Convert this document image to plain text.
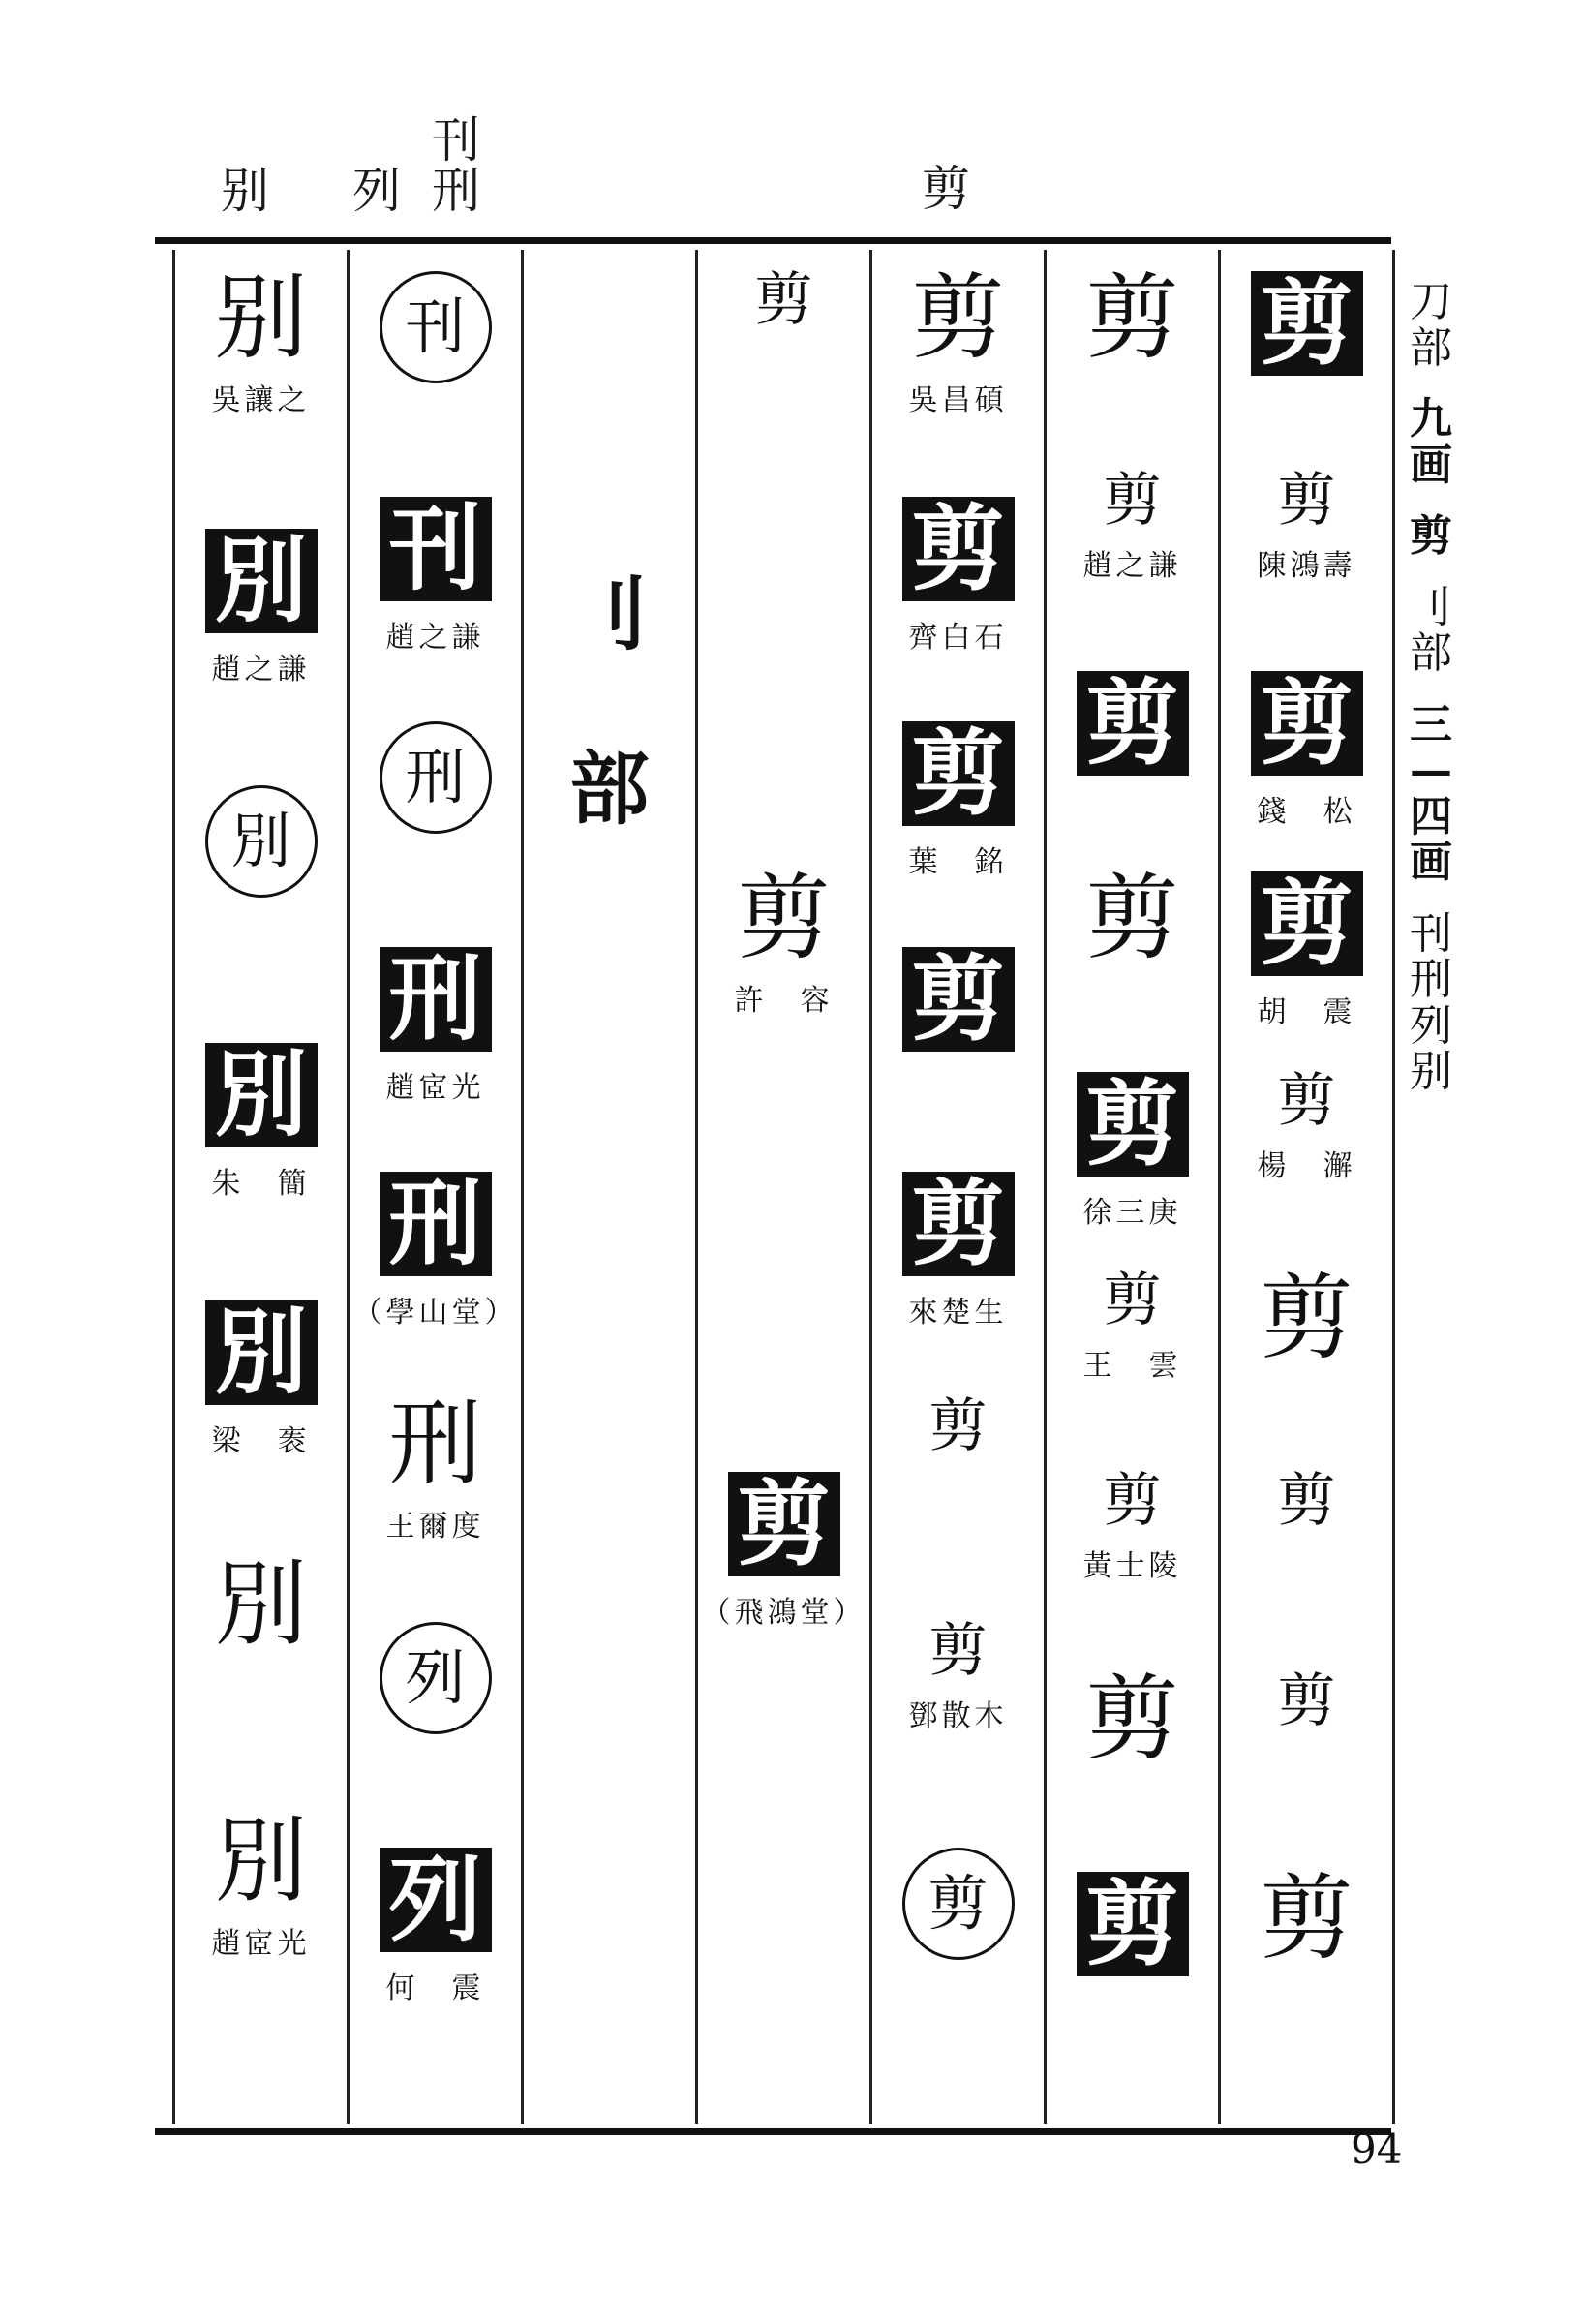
别 列 刑
刊
剪
别
吳讓之
別
趙之謙
別
別
朱　簡
別
梁　袠
別
別
趙宧光
刊
刊
趙之謙
刑
刑
趙宧光
刑
（學山堂）
刑
王爾度
列
列
何　震
刂
部
剪
剪
許　容
剪
（飛鴻堂）
剪
吳昌碩
剪
齊白石
剪
葉　銘
剪
剪
來楚生
剪
剪
鄧散木
剪
剪
剪
趙之謙
剪
剪
剪
徐三庚
剪
王　雲
剪
黃士陵
剪
剪
剪
剪
陳鴻壽
剪
錢　松
剪
胡　震
剪
楊　澥
剪
剪
剪
剪
刀
部
九
画
剪
刂
部
三
—
四
画
刊
刑
列
别
94
